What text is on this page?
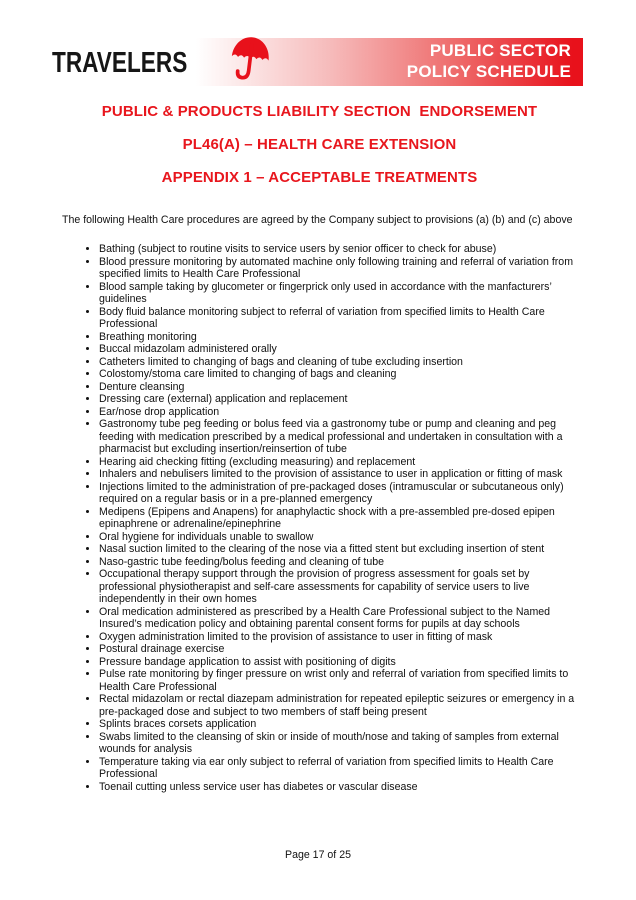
PUBLIC SECTOR
POLICY SCHEDULE
TRAVELERS
PUBLIC & PRODUCTS LIABILITY SECTION  ENDORSEMENT
PL46(A) – HEALTH CARE EXTENSION
APPENDIX 1 – ACCEPTABLE TREATMENTS

The following Health Care procedures are agreed by the Company subject to provisions (a) (b) and (c) above

• Bathing (subject to routine visits to service users by senior officer to check for abuse)
• Blood pressure monitoring by automated machine only following training and referral of variation from specified limits to Health Care Professional
• Blood sample taking by glucometer or fingerprick only used in accordance with the manfacturers’ guidelines
• Body fluid balance monitoring subject to referral of variation from specified limits to Health Care Professional
• Breathing monitoring
• Buccal midazolam administered orally
• Catheters limited to changing of bags and cleaning of tube excluding insertion
• Colostomy/stoma care limited to changing of bags and cleaning
• Denture cleansing
• Dressing care (external) application and replacement
• Ear/nose drop application
• Gastronomy tube peg feeding or bolus feed via a gastronomy tube or pump and cleaning and peg feeding with medication prescribed by a medical professional and undertaken in consultation with a pharmacist but excluding insertion/reinsertion of tube
• Hearing aid checking fitting (excluding measuring) and replacement
• Inhalers and nebulisers limited to the provision of assistance to user in application or fitting of mask
• Injections limited to the administration of pre-packaged doses (intramuscular or subcutaneous only) required on a regular basis or in a pre-planned emergency
• Medipens (Epipens and Anapens) for anaphylactic shock with a pre-assembled pre-dosed epipen epinaphrene or adrenaline/epinephrine
• Oral hygiene for individuals unable to swallow
• Nasal suction limited to the clearing of the nose via a fitted stent but excluding insertion of stent
• Naso-gastric tube feeding/bolus feeding and cleaning of tube
• Occupational therapy support through the provision of progress assessment for goals set by professional physiotherapist and self-care assessments for capability of service users to live independently in their own homes
• Oral medication administered as prescribed by a Health Care Professional subject to the Named Insured’s medication policy and obtaining parental consent forms for pupils at day schools
• Oxygen administration limited to the provision of assistance to user in fitting of mask
• Postural drainage exercise
• Pressure bandage application to assist with positioning of digits
• Pulse rate monitoring by finger pressure on wrist only and referral of variation from specified limits to Health Care Professional
• Rectal midazolam or rectal diazepam administration for repeated epileptic seizures or emergency in a pre-packaged dose and subject to two members of staff being present
• Splints braces corsets application
• Swabs limited to the cleansing of skin or inside of mouth/nose and taking of samples from external wounds for analysis
• Temperature taking via ear only subject to referral of variation from specified limits to Health Care Professional
• Toenail cutting unless service user has diabetes or vascular disease
Page 17 of 25
